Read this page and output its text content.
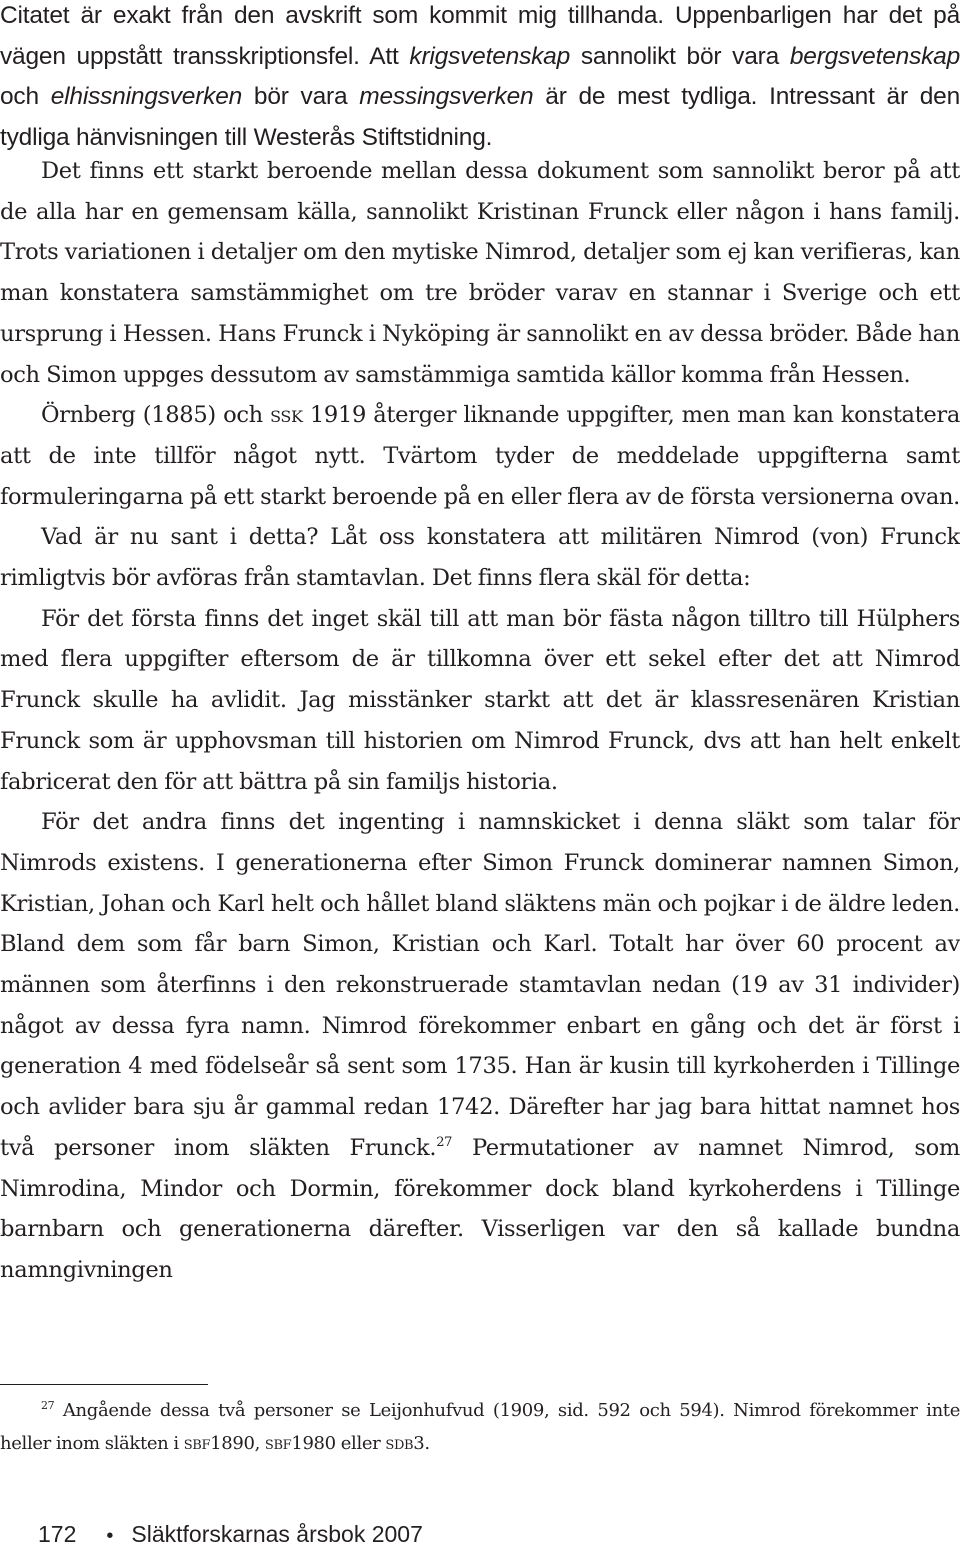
Citatet är exakt från den avskrift som kommit mig tillhanda. Uppenbarligen har det på vägen uppstått transskriptionsfel. Att krigsvetenskap sannolikt bör vara bergsvetenskap och elhissningsverken bör vara messingsverken är de mest tydliga. Intressant är den tydliga hänvisningen till Westerås Stiftstidning.

Det finns ett starkt beroende mellan dessa dokument som sannolikt beror på att de alla har en gemensam källa, sannolikt Kristinan Frunck eller någon i hans familj. Trots variationen i detaljer om den mytiske Nimrod, detaljer som ej kan verifieras, kan man konstatera samstämmighet om tre bröder varav en stannar i Sverige och ett ursprung i Hessen. Hans Frunck i Nyköping är sannolikt en av dessa bröder. Både han och Simon uppges dessutom av samstämmiga samtida källor komma från Hessen.

Örnberg (1885) och ssk 1919 återger liknande uppgifter, men man kan konstatera att de inte tillför något nytt. Tvärtom tyder de meddelade uppgifterna samt formuleringarna på ett starkt beroende på en eller flera av de första versionerna ovan.

Vad är nu sant i detta? Låt oss konstatera att militären Nimrod (von) Frunck rimligtvis bör avföras från stamtavlan. Det finns flera skäl för detta:

För det första finns det inget skäl till att man bör fästa någon tilltro till Hülphers med flera uppgifter eftersom de är tillkomna över ett sekel efter det att Nimrod Frunck skulle ha avlidit. Jag misstänker starkt att det är klassresenären Kristian Frunck som är upphovsman till historien om Nimrod Frunck, dvs att han helt enkelt fabricerat den för att bättra på sin familjs historia.

För det andra finns det ingenting i namnskicket i denna släkt som talar för Nimrods existens. I generationerna efter Simon Frunck dominerar namnen Simon, Kristian, Johan och Karl helt och hållet bland släktens män och pojkar i de äldre leden. Bland dem som får barn Simon, Kristian och Karl. Totalt har över 60 procent av männen som återfinns i den rekonstruerade stamtavlan nedan (19 av 31 individer) något av dessa fyra namn. Nimrod förekommer enbart en gång och det är först i generation 4 med födelseår så sent som 1735. Han är kusin till kyrkoherden i Tillinge och avlider bara sju år gammal redan 1742. Därefter har jag bara hittat namnet hos två personer inom släkten Frunck.$^{27}$ Permutationer av namnet Nimrod, som Nimrodina, Mindor och Dormin, förekommer dock bland kyrkoherdens i Tillinge barnbarn och generationerna därefter. Visserligen var den så kallade bundna namngivningen

$^{27}$ Angående dessa två personer se Leijonhufvud (1909, sid. 592 och 594). Nimrod förekommer inte heller inom släkten i sbf1890, sbf1980 eller sdb3.

172 • Släktforskarnas årsbok 2007
